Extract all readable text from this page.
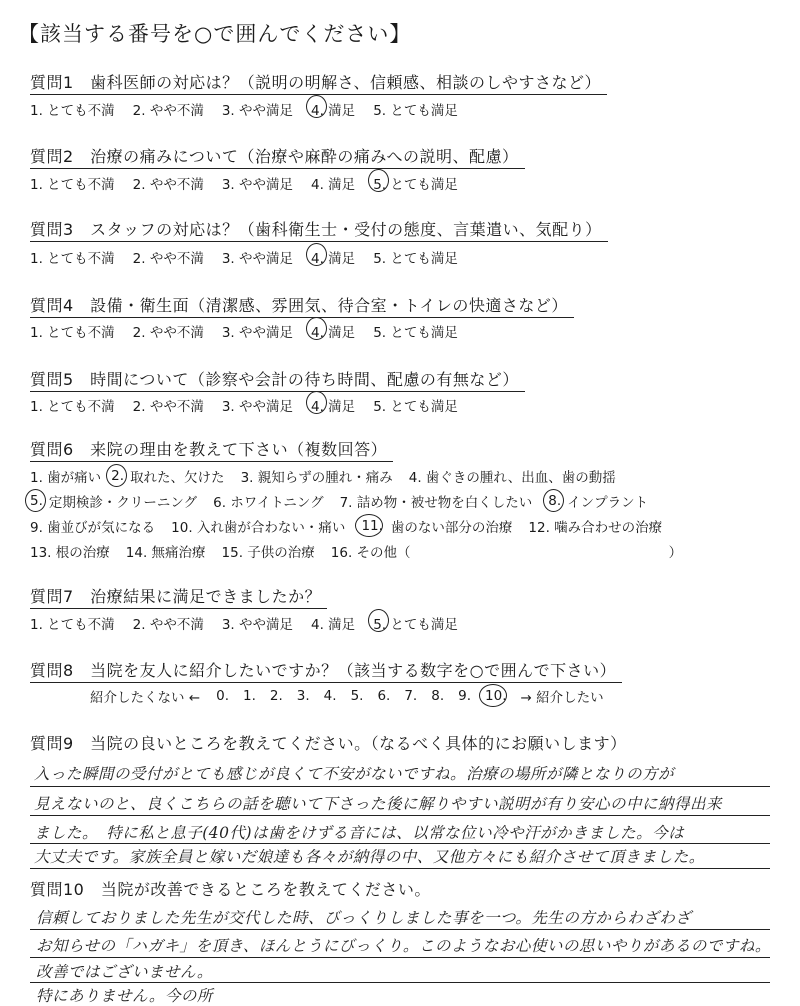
【該当する番号を○で囲んでください】
質問1　歯科医師の対応は？（説明の明解さ、信頼感、相談のしやすさなど）
1. とても不満 2. やや不満 3. やや満足 4. 満足 5. とても満足
質問2　治療の痛みについて（治療や麻酔の痛みへの説明、配慮）
1. とても不満 2. やや不満 3. やや満足 4. 満足 5. とても満足
質問3　スタッフの対応は？（歯科衛生士・受付の態度、言葉遣い、気配り）
1. とても不満 2. やや不満 3. やや満足 4. 満足 5. とても満足
質問4　設備・衛生面（清潔感、雰囲気、待合室・トイレの快適さなど）
1. とても不満 2. やや不満 3. やや満足 4. 満足 5. とても満足
質問5　時間について（診察や会計の待ち時間、配慮の有無など）
1. とても不満 2. やや不満 3. やや満足 4. 満足 5. とても満足
質問6　来院の理由を教えて下さい（複数回答）
1. 歯が痛い 2. 取れた、欠けた 3. 親知らずの腫れ・痛み 4. 歯ぐきの腫れ、出血、歯の動揺
5. 定期検診・クリーニング 6. ホワイトニング 7. 詰め物・被せ物を白くしたい 8. インプラント
9. 歯並びが気になる 10. 入れ歯が合わない・痛い 11. 歯のない部分の治療 12. 噛み合わせの治療
13. 根の治療 14. 無痛治療 15. 子供の治療 16. その他（	）
質問7　治療結果に満足できましたか？
1. とても不満 2. やや不満 3. やや満足 4. 満足 5. とても満足
質問8　当院を友人に紹介したいですか？（該当する数字を○で囲んで下さい）
紹介したくない ← 0. 1. 2. 3. 4. 5. 6. 7. 8. 9. 10. → 紹介したい
質問9　当院の良いところを教えてください。（なるべく具体的にお願いします）
入った瞬間の受付がとても感じが良くて不安がないですね。治療の場所が隣となりの方が
見えないのと、良くこちらの話を聴いて下さった後に解りやすい説明が有り安心の中に納得出来
ました。　特に私と息子(40代)は歯をけずる音には、以常な位い冷や汗がかきました。今は
大丈夫です。家族全員と嫁いだ娘達も各々が納得の中、又他方々にも紹介させて頂きました。
質問10　当院が改善できるところを教えてください。
信頼しておりました先生が交代した時、びっくりしました事を一つ。先生の方からわざわざ
お知らせの「ハガキ」を頂き、ほんとうにびっくり。このようなお心使いの思いやりがあるのですね。
改善ではございません。
特にありません。今の所
